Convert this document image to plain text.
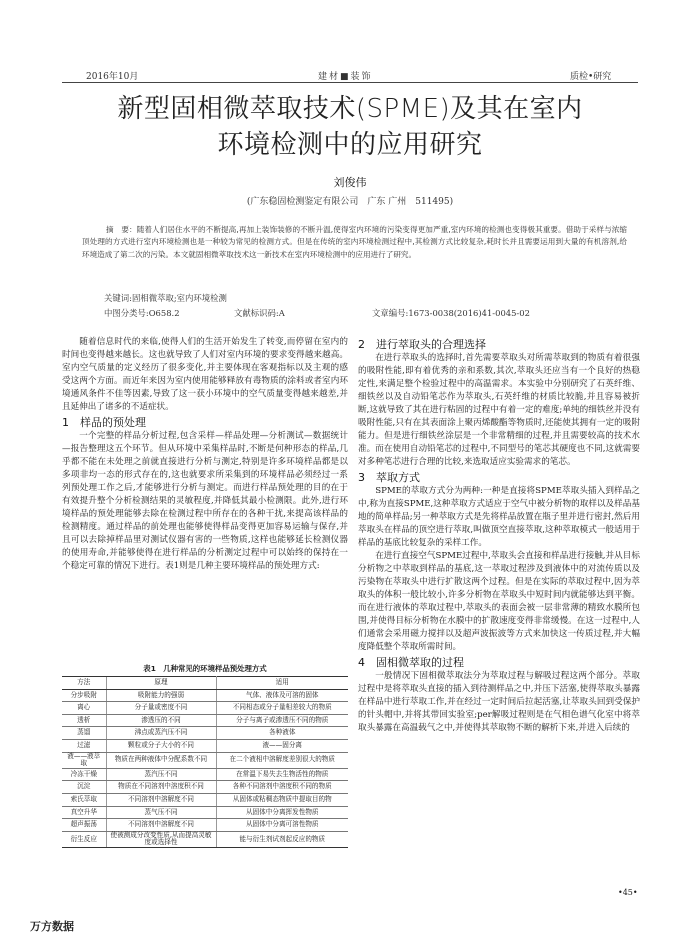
2016年10月	建材■装饰	质检•研究
新型固相微萃取技术(SPME)及其在室内
环境检测中的应用研究
刘俊伟
(广东稳固检测鉴定有限公司　广东 广州　511495)
摘　要：随着人们居住水平的不断提高,再加上装饰装修的不断升温,使得室内环境的污染变得更加严重,室内环境的检测也变得极其重要。借助于采样与浓缩顶处理的方式进行室内环境检测也是一种较为常见的检测方式。但是在传统的室内环境检测过程中,其检测方式比较复杂,耗时长并且需要运用到大量的有机溶剂,给环境造成了第二次的污染。本文就固相微萃取技术这一新技术在室内环境检测中的应用进行了研究。
关键词:固相微萃取;室内环境检测
中图分类号:O658.2	文献标识码:A	文章编号:1673-0038(2016)41-0045-02

随着信息时代的来临,使得人们的生活开始发生了转变,而停留在室内的时间也变得越来越长。这也就导致了人们对室内环境的要求变得越来越高。室内空气质量的定义经历了很多变化,并主要体现在客观指标以及主观的感受这两个方面。而近年来因为室内使用能够释放有毒物质的涂料或者室内环境通风条件不佳等因素,导致了这一获小环境中的空气质量变得越来越差,并且延伸出了诸多的不适症状。

1　样品的预处理

一个完整的样品分析过程,包含采样—样品处理—分析测试—数据统计—报告整理这五个环节。但从环境中采集样品时,不断是何种形态的样品,几乎都不能在未处理之前就直接进行分析与测定,特别是许多环境样品都是以多项非均一态的形式存在的,这也就要求所采集到的环境样品必须经过一系列预处理工作之后,才能够进行分析与测定。而进行样品预处理的目的在于有效提升整个分析检测结果的灵敏程度,并降低其最小检测限。此外,进行环境样品的预处理能够去除在检测过程中所存在的各种干扰,来提高该样品的检测精度。通过样品的前处理也能够使得样品变得更加容易运输与保存,并且可以去除掉样品里对测试仪器有害的一些物质,这样也能够延长检测仪器的使用寿命,并能够使得在进行样品的分析测定过程中可以始终的保持在一个稳定可靠的情况下进行。表1则是几种主要环境样品的预处理方式:

表1　几种常见的环境样品预处理方式
方法	原理	适用
分步吸附	吸附能力的强弱	气体、液体及可溶的固体
离心	分子量或密度不同	不同相态或分子量相差较大的物质
透析	渗透压的不同	分子与离子或渗透压不同的物质
蒸馏	沸点或蒸汽压不同	各种液体
过滤	颗粒或分子大小的不同	液——固分离
液——液萃取	物质在两种液体中分配系数不同	在二个液相中溶解度差别很大的物质
冷冻干燥	蒸汽压不同	在常温下易失去生物活性的物质
沉淀	物质在不同溶剂中溶度积不同	各种不同溶剂中溶度积不同的物质
索氏萃取	不同溶剂中溶解度不同	从固体或粘稠态物质中提取目的物
真空升华	蒸气压不同	从固体中分离挥发性物质
超声振荡	不同溶剂中溶解度不同	从固体中分离可溶性物质
衍生反应	使被测成分改变性质,从而提高灵敏度或选择性	能与衍生剂试剂起反应的物质
2　进行萃取头的合理选择

在进行萃取头的选择时,首先需要萃取头对所需萃取到的物质有着很强的吸附性能,即有着优秀的亲和系数,其次,萃取头还应当有一个良好的热稳定性,来满足整个检验过程中的高温需求。本实验中分别研究了石英纤维、细铁丝以及自动铅笔芯作为萃取头,石英纤维的材质比较脆,并且容易被折断,这就导致了其在进行粘固的过程中有着一定的难度;单纯的细铁丝并没有吸附性能,只有在其表面涂上聚丙烯酸酯等物质时,还能使其拥有一定的吸附能力。但是进行细铁丝涂层是一个非常精细的过程,并且需要较高的技术水准。而在使用自动铅笔芯的过程中,不同型号的笔芯其硬度也不同,这就需要对多种笔芯进行合理的比较,来选取适应实验需求的笔芯。

3　萃取方式

SPME的萃取方式分为两种:一种是直接将SPME萃取头插入到样品之中,称为直接SPME,这种萃取方式适应于空气中被分析物的取样以及样品基地的简单样品;另一种萃取方式是先将样品放置在瓶子里并进行密封,然后用萃取头在样品的顶空进行萃取,叫做顶空直接萃取,这种萃取模式一般适用于样品的基底比较复杂的采样工作。

在进行直接空气SPME过程中,萃取头会直接和样品进行接触,并从目标分析物之中萃取到样品的基底,这一萃取过程涉及到液体中的对流传质以及污染物在萃取头中进行扩散这两个过程。但是在实际的萃取过程中,因为萃取头的体积一般比较小,许多分析物在萃取头中短时间内就能够达到平衡。而在进行液体的萃取过程中,萃取头的表面会被一层非常薄的精致水膜所包围,并使得目标分析物在水膜中的扩散速度变得非常缓慢。在这一过程中,人们通常会采用磁力搅拌以及超声波振波等方式来加快这一传质过程,并大幅度降低整个萃取所需时间。

4　固相微萃取的过程

一般情况下固相微萃取法分为萃取过程与解吸过程这两个部分。萃取过程中是将萃取头直接的插入到待测样品之中,并压下活塞,使得萃取头暴露在样品中进行萃取工作,并在经过一定时间后拉起活塞,让萃取头回到受保护的针头帽中,并将其带回实验室;per解吸过程则是在气相色谱气化室中将萃取头暴露在高温载气之中,并使得其萃取物不断的解析下来,并进入后续的

•45•
万方数据
